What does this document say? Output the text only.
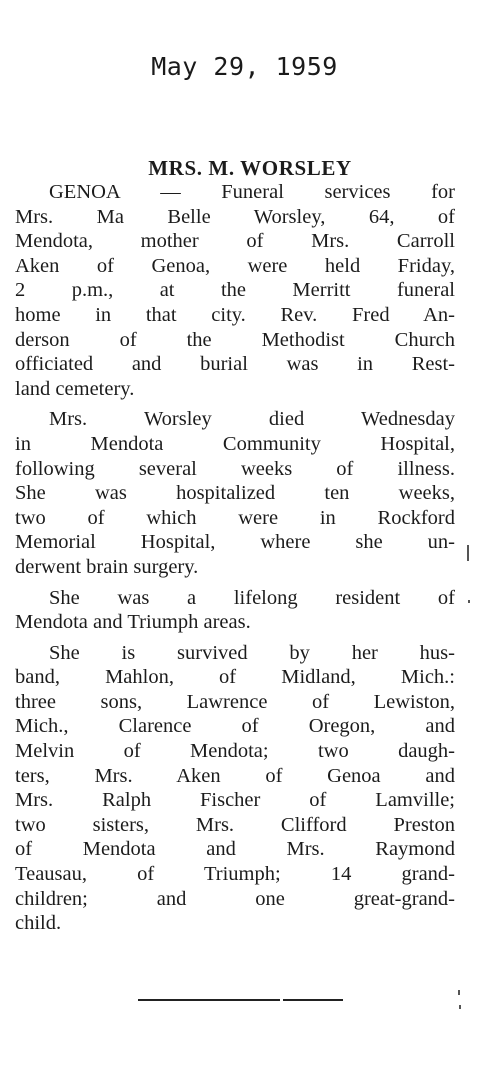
May 29, 1959
MRS. M. WORSLEY
GENOA — Funeral services for
Mrs. Ma Belle Worsley, 64, of
Mendota, mother of Mrs. Carroll
Aken of Genoa, were held Friday,
2 p.m., at the Merritt funeral
home in that city. Rev. Fred An-
derson of the Methodist Church
officiated and burial was in Rest-
land cemetery.
Mrs. Worsley died Wednesday
in Mendota Community Hospital,
following several weeks of illness.
She was hospitalized ten weeks,
two of which were in Rockford
Memorial Hospital, where she un-
derwent brain surgery.
She was a lifelong resident of
Mendota and Triumph areas.
She is survived by her hus-
band, Mahlon, of Midland, Mich.:
three sons, Lawrence of Lewiston,
Mich., Clarence of Oregon, and
Melvin of Mendota; two daugh-
ters, Mrs. Aken of Genoa and
Mrs. Ralph Fischer of Lamville;
two sisters, Mrs. Clifford Preston
of Mendota and Mrs. Raymond
Teausau, of Triumph; 14 grand-
children; and one great-grand-
child.
